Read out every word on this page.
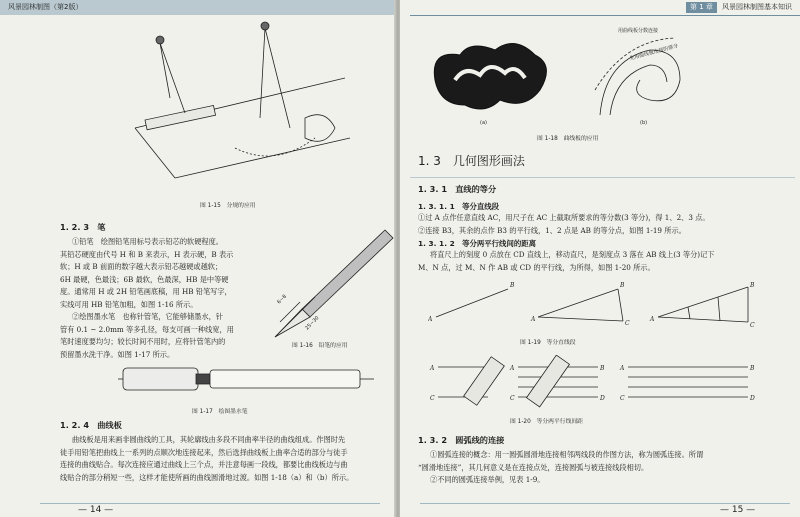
风景园林制图（第2版）
图 1-15　分规的应用
1. 2. 3　笔
①铅笔　绘图铅笔用标号表示铅芯的软硬程度。
其铅芯硬度由代号 H 和 B 来表示，H 表示硬，B 表示
软；H 或 B 前面的数字越大表示铅芯越硬或越软；
6H 最硬，色最浅；6B 最软，色最深，HB 是中等硬
度。通常用 H 或 2H 铅笔画底稿，用 HB 铅笔写字，
实线可用 HB 铅笔加粗，如图 1-16 所示。
②绘图墨水笔　也称针管笔，它能够储墨水，针
管有 0.1 ~ 2.0mm 等多孔径，每支可画一种线宽，用
笔时速度要均匀；较长时间不用时，应将针管笔内的
预留墨水洗干净。如图 1-17 所示。
6~8
25~30
图 1-16　铅笔的应用
图 1-17　绘图墨水笔
1. 2. 4　曲线板
曲线板是用来画非圆曲线的工具，其轮廓线由多段不同曲率半径的曲线组成。作图时先
徒手用铅笔把曲线上一系列的点顺次地连接起来，然后选择曲线板上曲率合适的部分与徒手
连接的曲线贴合。每次连接应通过曲线上三个点，并注意每画一段线，都要比曲线板边与曲
线贴合的部分稍短一些，这样才能使所画的曲线圆滑地过渡。如图 1-18（a）和（b）所示。
— 14 —
第 1 章	风景园林制图基本知识
用曲线板分数连接
先用曲线板连接的部分
(a)	(b)
图 1-18　曲线板的应用
1. 3　几何图形画法
1. 3. 1　直线的等分
1. 3. 1. 1　等分直线段
①过 A 点作任意直线 AC，用尺子在 AC 上截取所要求的等分数(3 等分)，得 1、2、3 点。
②连接 B3，其余的点作 B3 的平行线，1、2 点是 AB 的等分点，如图 1-19 所示。
1. 3. 1. 2　等分两平行线间的距离
将直尺上的刻度 0 点放在 CD 直线上，移动直尺，是刻度点 3 落在 AB 线上(3 等分)记下
M、N 点，过 M、N 作 AB 或 CD 的平行线，为所得，如图 1-20 所示。
A
B
A
B
C
A
B
C
图 1-19　等分直线段
A
C
A
C
B
D
A
C
B
D
图 1-20　等分两平行线间距
1. 3. 2　圆弧线的连接
①圆弧连接的概念：用一圆弧圆滑地连接相邻两线段的作图方法，称为圆弧连接。所谓
“圆滑地连接”，其几何意义是在连接点处，连接圆弧与被连接线段相切。
②不同的圆弧连接举例，见表 1-9。
— 15 —
